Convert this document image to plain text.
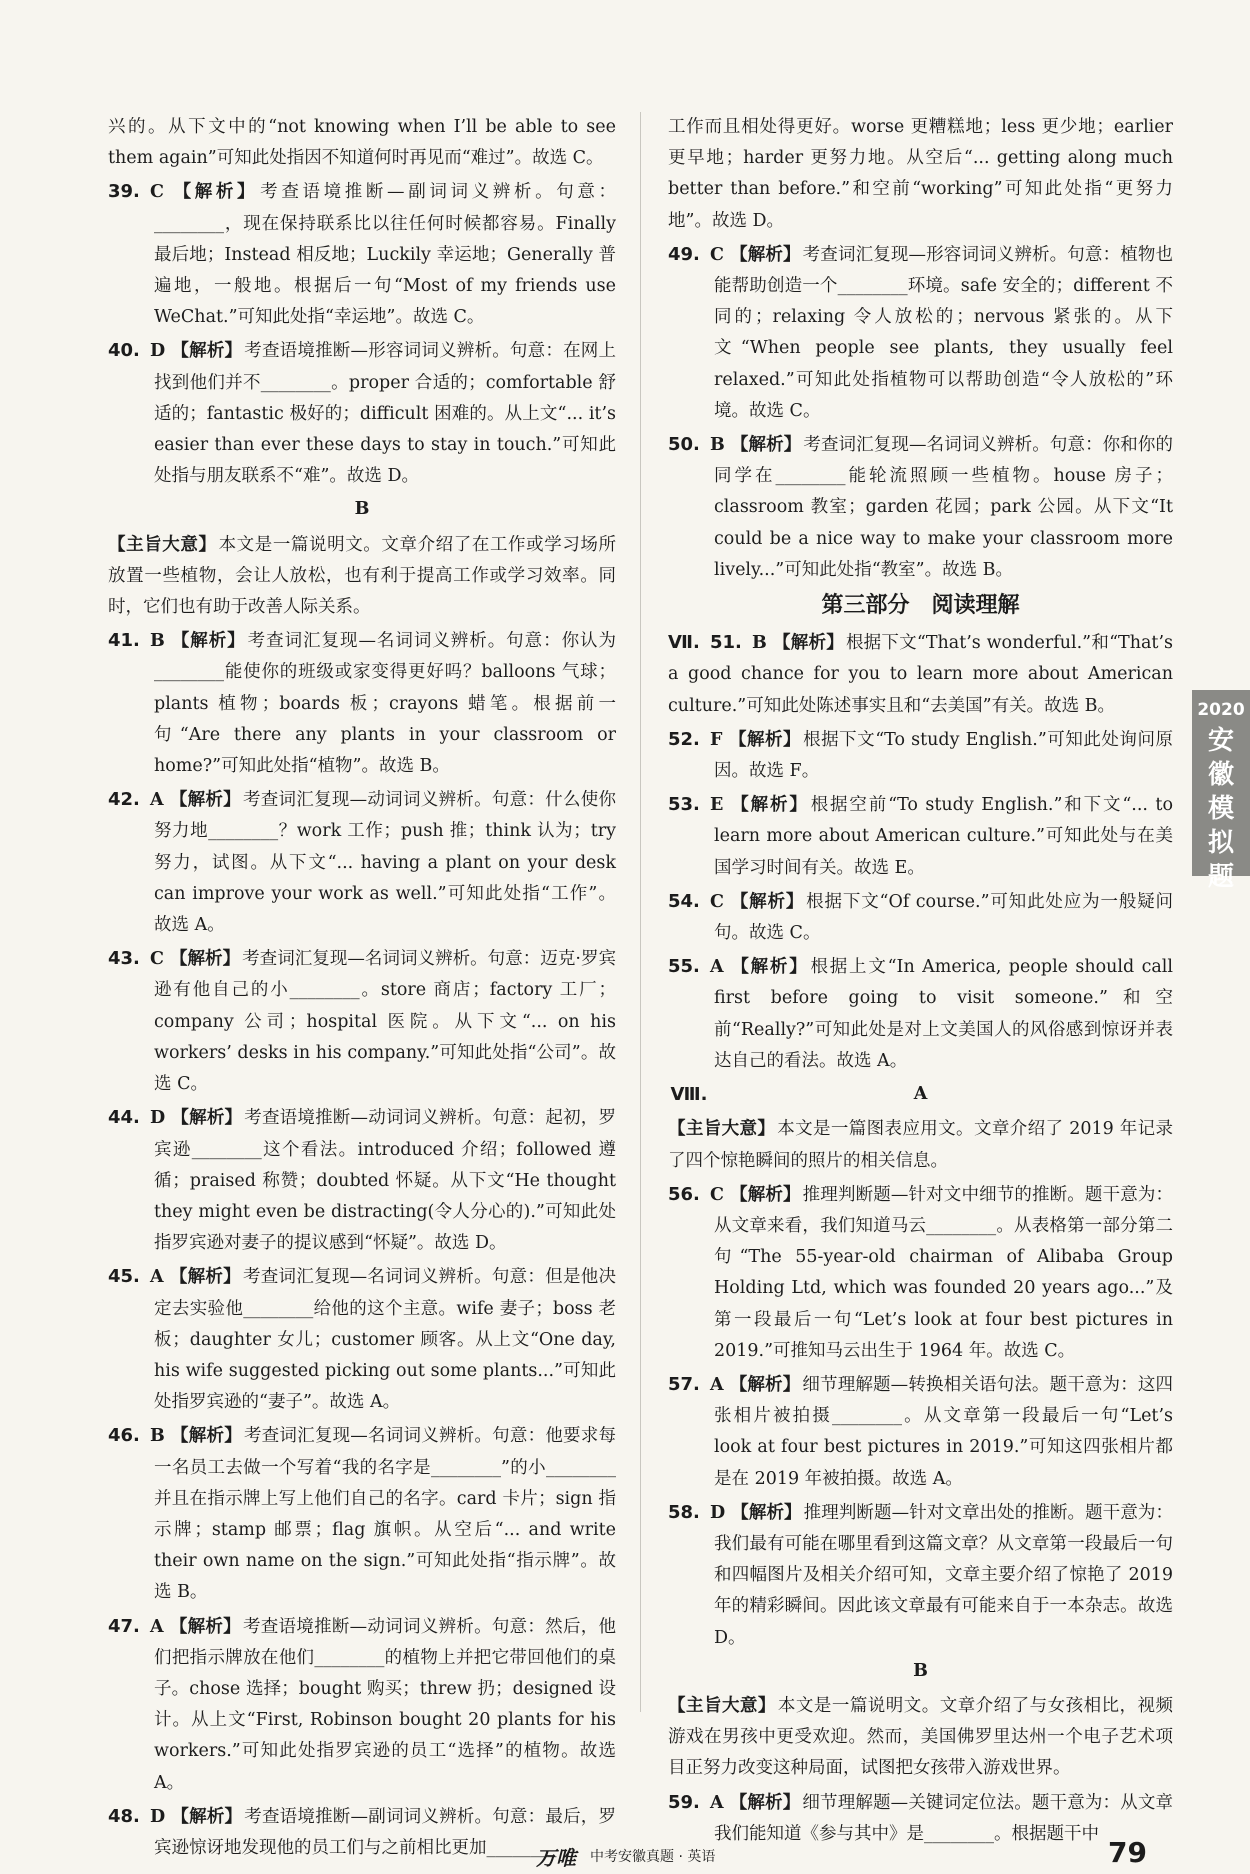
兴的。从下文中的“not knowing when I’ll be able to see them again”可知此处指因不知道何时再见而“难过”。故选 C。

39. C 【解析】 考查语境推断—副词词义辨析。句意：________，现在保持联系比以往任何时候都容易。Finally 最后地；Instead 相反地；Luckily 幸运地；Generally 普遍地，一般地。根据后一句“Most of my friends use WeChat.”可知此处指“幸运地”。故选 C。

40. D 【解析】 考查语境推断—形容词词义辨析。句意：在网上找到他们并不________。proper 合适的；comfortable 舒适的；fantastic 极好的；difficult 困难的。从上文“... it’s easier than ever these days to stay in touch.”可知此处指与朋友联系不“难”。故选 D。

B

【主旨大意】 本文是一篇说明文。文章介绍了在工作或学习场所放置一些植物，会让人放松，也有利于提高工作或学习效率。同时，它们也有助于改善人际关系。

41. B 【解析】 考查词汇复现—名词词义辨析。句意：你认为________能使你的班级或家变得更好吗？balloons 气球；plants 植物；boards 板；crayons 蜡笔。根据前一句“Are there any plants in your classroom or home?”可知此处指“植物”。故选 B。

42. A 【解析】 考查词汇复现—动词词义辨析。句意：什么使你努力地________？work 工作；push 推；think 认为；try 努力，试图。从下文“... having a plant on your desk can improve your work as well.”可知此处指“工作”。故选 A。

43. C 【解析】 考查词汇复现—名词词义辨析。句意：迈克·罗宾逊有他自己的小________。store 商店；factory 工厂；company 公司；hospital 医院。从下文“... on his workers’ desks in his company.”可知此处指“公司”。故选 C。

44. D 【解析】 考查语境推断—动词词义辨析。句意：起初，罗宾逊________这个看法。introduced 介绍；followed 遵循；praised 称赞；doubted 怀疑。从下文“He thought they might even be distracting(令人分心的).”可知此处指罗宾逊对妻子的提议感到“怀疑”。故选 D。

45. A 【解析】 考查词汇复现—名词词义辨析。句意：但是他决定去实验他________给他的这个主意。wife 妻子；boss 老板；daughter 女儿；customer 顾客。从上文“One day, his wife suggested picking out some plants...”可知此处指罗宾逊的“妻子”。故选 A。

46. B 【解析】 考查词汇复现—名词词义辨析。句意：他要求每一名员工去做一个写着“我的名字是________”的小________并且在指示牌上写上他们自己的名字。card 卡片；sign 指示牌；stamp 邮票；flag 旗帜。从空后“... and write their own name on the sign.”可知此处指“指示牌”。故选 B。

47. A 【解析】 考查语境推断—动词词义辨析。句意：然后，他们把指示牌放在他们________的植物上并把它带回他们的桌子。chose 选择；bought 购买；threw 扔；designed 设计。从上文“First, Robinson bought 20 plants for his workers.”可知此处指罗宾逊的员工“选择”的植物。故选 A。

48. D 【解析】 考查语境推断—副词词义辨析。句意：最后，罗宾逊惊讶地发现他的员工们与之前相比更加________

工作而且相处得更好。worse 更糟糕地；less 更少地；earlier 更早地；harder 更努力地。从空后“... getting along much better than before.”和空前“working”可知此处指“更努力地”。故选 D。

49. C 【解析】 考查词汇复现—形容词词义辨析。句意：植物也能帮助创造一个________环境。safe 安全的；different 不同的；relaxing 令人放松的；nervous 紧张的。从下文“When people see plants, they usually feel relaxed.”可知此处指植物可以帮助创造“令人放松的”环境。故选 C。

50. B 【解析】 考查词汇复现—名词词义辨析。句意：你和你的同学在________能轮流照顾一些植物。house 房子；classroom 教室；garden 花园；park 公园。从下文“It could be a nice way to make your classroom more lively...”可知此处指“教室”。故选 B。

第三部分　阅读理解

Ⅶ. 51. B 【解析】 根据下文“That’s wonderful.”和“That’s a good chance for you to learn more about American culture.”可知此处陈述事实且和“去美国”有关。故选 B。

52. F 【解析】 根据下文“To study English.”可知此处询问原因。故选 F。

53. E 【解析】 根据空前“To study English.”和下文“... to learn more about American culture.”可知此处与在美国学习时间有关。故选 E。

54. C 【解析】 根据下文“Of course.”可知此处应为一般疑问句。故选 C。

55. A 【解析】 根据上文“In America, people should call first before going to visit someone.”和空前“Really?”可知此处是对上文美国人的风俗感到惊讶并表达自己的看法。故选 A。

Ⅷ.	A

【主旨大意】 本文是一篇图表应用文。文章介绍了 2019 年记录了四个惊艳瞬间的照片的相关信息。

56. C 【解析】 推理判断题—针对文中细节的推断。题干意为：从文章来看，我们知道马云________。从表格第一部分第二句“The 55-year-old chairman of Alibaba Group Holding Ltd, which was founded 20 years ago...”及第一段最后一句“Let’s look at four best pictures in 2019.”可推知马云出生于 1964 年。故选 C。

57. A 【解析】 细节理解题—转换相关语句法。题干意为：这四张相片被拍摄________。从文章第一段最后一句“Let’s look at four best pictures in 2019.”可知这四张相片都是在 2019 年被拍摄。故选 A。

58. D 【解析】 推理判断题—针对文章出处的推断。题干意为：我们最有可能在哪里看到这篇文章？从文章第一段最后一句和四幅图片及相关介绍可知，文章主要介绍了惊艳了 2019 年的精彩瞬间。因此该文章最有可能来自于一本杂志。故选 D。

B

【主旨大意】 本文是一篇说明文。文章介绍了与女孩相比，视频游戏在男孩中更受欢迎。然而，美国佛罗里达州一个电子艺术项目正努力改变这种局面，试图把女孩带入游戏世界。

59. A 【解析】 细节理解题—关键词定位法。题干意为：从文章我们能知道《参与其中》是________。根据题干中

2020
安徽模拟题
万唯 中考安徽真题 · 英语	79
